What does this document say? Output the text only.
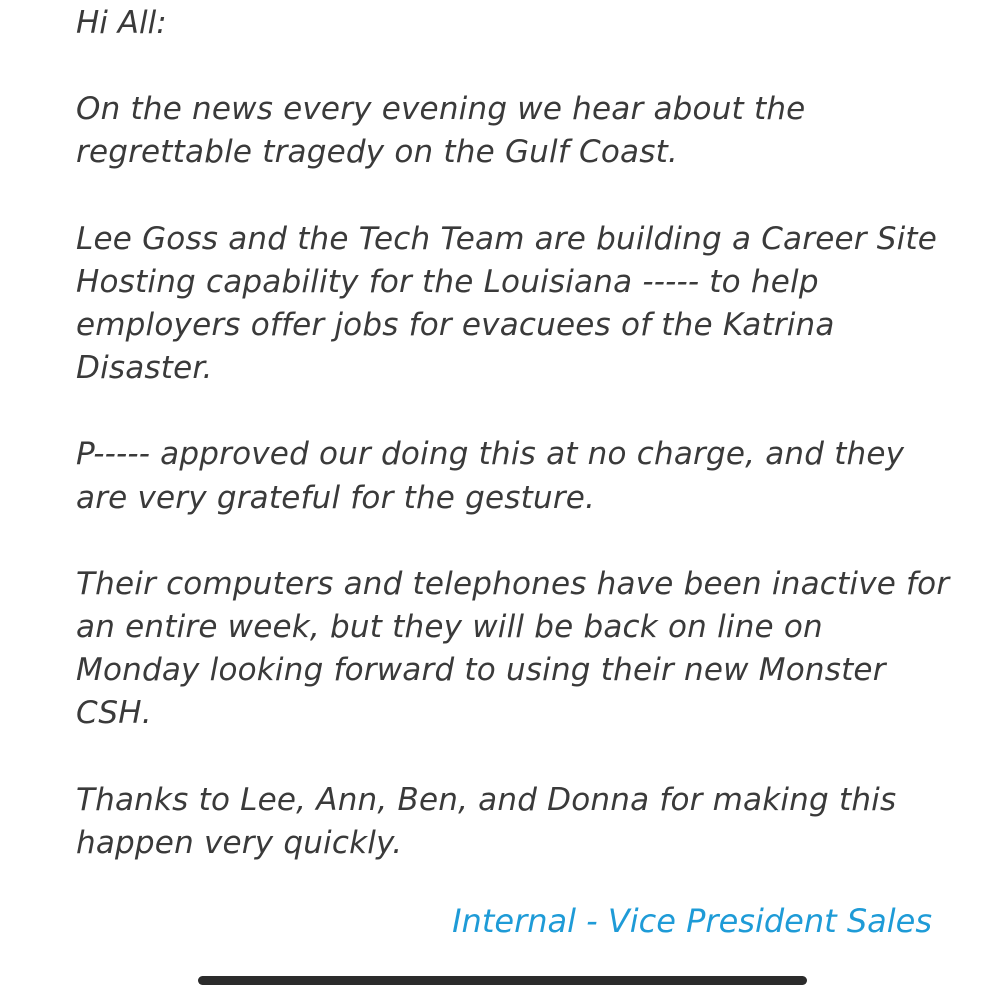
Hi All:

On the news every evening we hear about the regrettable tragedy on the Gulf Coast.

Lee Goss and the Tech Team are building a Career Site Hosting capability for the Louisiana ----- to help employers offer jobs for evacuees of the Katrina Disaster.

P----- approved our doing this at no charge, and they are very grateful for the gesture.

Their computers and telephones have been inactive for an entire week, but they will be back on line on Monday looking forward to using their new Monster CSH.

Thanks to Lee, Ann, Ben, and Donna for making this happen very quickly.

Internal - Vice President Sales
